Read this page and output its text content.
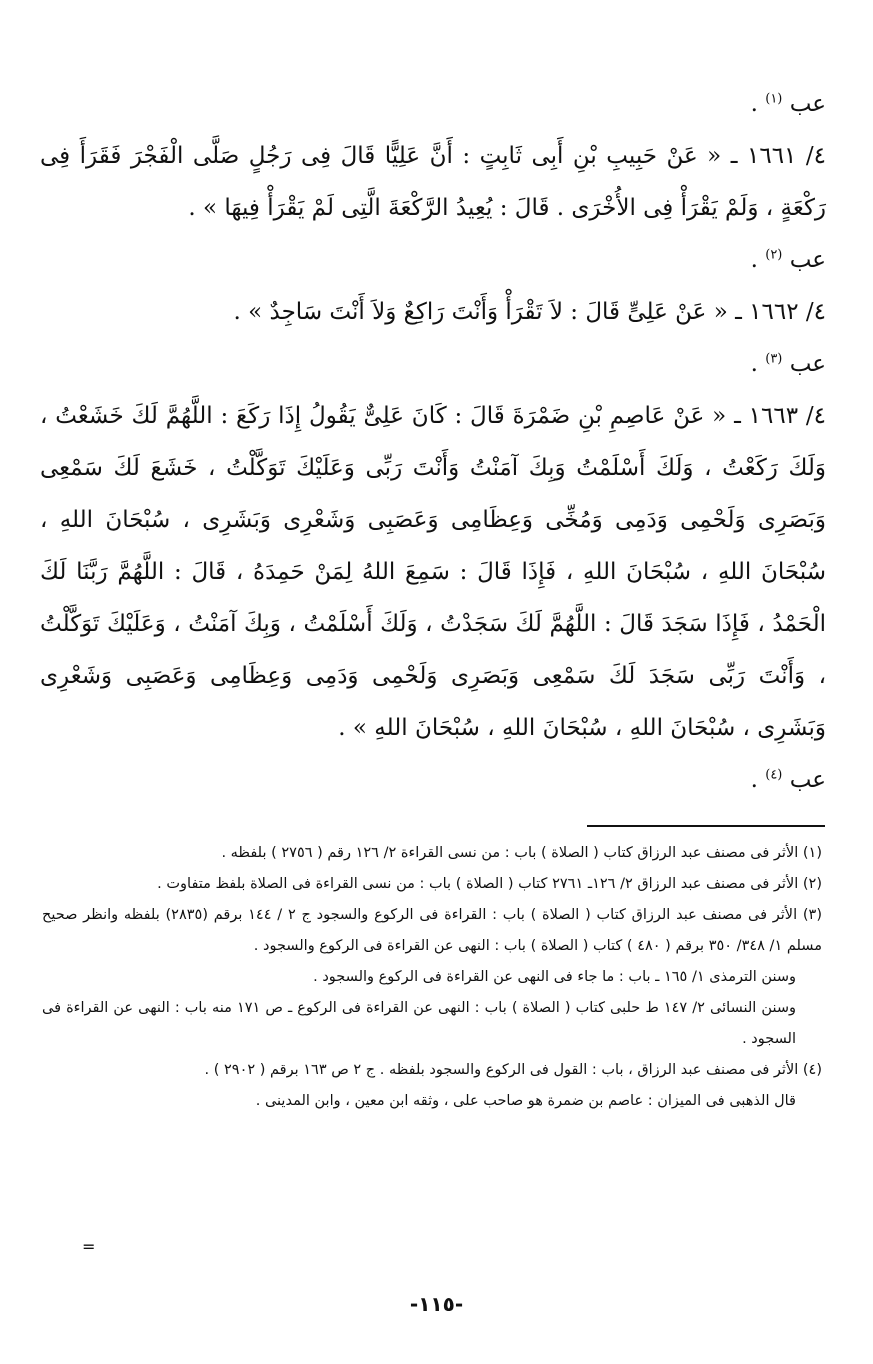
عب $^{(١)}$ .

٤/ ١٦٦١ ـ « عَنْ حَبِيبِ بْنِ أَبِى ثَابِتٍ : أَنَّ عَلِيًّا قَالَ فِى رَجُلٍ صَلَّى الْفَجْرَ فَقَرَأَ فِى رَكْعَةٍ ، وَلَمْ يَقْرَأْ فِى الأُخْرَى . قَالَ : يُعِيدُ الرَّكْعَةَ الَّتِى لَمْ يَقْرَأْ فِيهَا » .

عب $^{(٢)}$ .

٤/ ١٦٦٢ ـ « عَنْ عَلِىٍّ قَالَ : لاَ تَقْرَأْ وَأَنْتَ رَاكِعٌ وَلاَ أَنْتَ سَاجِدٌ » .

عب $^{(٣)}$ .

٤/ ١٦٦٣ ـ « عَنْ عَاصِمِ بْنِ ضَمْرَةَ قَالَ : كَانَ عَلِىٌّ يَقُولُ إِذَا رَكَعَ : اللَّهُمَّ لَكَ خَشَعْتُ ، وَلَكَ رَكَعْتُ ، وَلَكَ أَسْلَمْتُ وَبِكَ آمَنْتُ وَأَنْتَ رَبِّى وَعَلَيْكَ تَوَكَّلْتُ ، خَشَعَ لَكَ سَمْعِى وَبَصَرِى وَلَحْمِى وَدَمِى وَمُخِّى وَعِظَامِى وَعَصَبِى وَشَعْرِى وَبَشَرِى ، سُبْحَانَ اللهِ ، سُبْحَانَ اللهِ ، سُبْحَانَ اللهِ ، فَإِذَا قَالَ : سَمِعَ اللهُ لِمَنْ حَمِدَهُ ، قَالَ : اللَّهُمَّ رَبَّنَا لَكَ الْحَمْدُ ، فَإِذَا سَجَدَ قَالَ : اللَّهُمَّ لَكَ سَجَدْتُ ، وَلَكَ أَسْلَمْتُ ، وَبِكَ آمَنْتُ ، وَعَلَيْكَ تَوَكَّلْتُ ، وَأَنْتَ رَبِّى سَجَدَ لَكَ سَمْعِى وَبَصَرِى وَلَحْمِى وَدَمِى وَعِظَامِى وَعَصَبِى وَشَعْرِى وَبَشَرِى ، سُبْحَانَ اللهِ ، سُبْحَانَ اللهِ ، سُبْحَانَ اللهِ » .

عب $^{(٤)}$ .

(١) الأثر فى مصنف عبد الرزاق كتاب ( الصلاة ) باب : من نسى القراءة ٢/ ١٢٦ رقم ( ٢٧٥٦ ) بلفظه .

(٢) الأثر فى مصنف عبد الرزاق ٢/ ١٢٦ـ ٢٧٦١ كتاب ( الصلاة ) باب : من نسى القراءة فى الصلاة بلفظ متفاوت .

(٣) الأثر فى مصنف عبد الرزاق كتاب ( الصلاة ) باب : القراءة فى الركوع والسجود ج ٢ / ١٤٤ برقم (٢٨٣٥) بلفظه وانظر صحيح مسلم ١/ ٣٤٨/ ٣٥٠ برقم ( ٤٨٠ ) كتاب ( الصلاة ) باب : النهى عن القراءة فى الركوع والسجود .

وسنن الترمذى ١/ ١٦٥ ـ باب : ما جاء فى النهى عن القراءة فى الركوع والسجود .

وسنن النسائى ٢/ ١٤٧ ط حلبى كتاب ( الصلاة ) باب : النهى عن القراءة فى الركوع ـ ص ١٧١ منه باب : النهى عن القراءة فى السجود .

(٤) الأثر فى مصنف عبد الرزاق ، باب : القول فى الركوع والسجود بلفظه . ج ٢ ص ١٦٣ برقم ( ٢٩٠٢ ) .

قال الذهبى فى الميزان : عاصم بن ضمرة هو صاحب على ، وثقه ابن معين ، وابن المدينى .

=
-١١٥-
